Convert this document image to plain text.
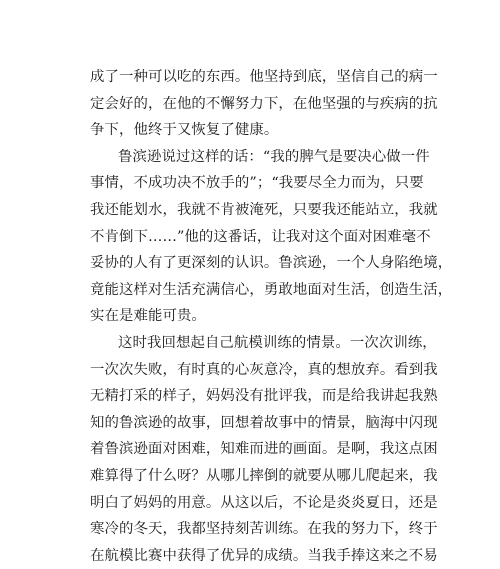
成了一种可以吃的东西。他坚持到底，坚信自己的病一
定会好的，在他的不懈努力下，在他坚强的与疾病的抗
争下，他终于又恢复了健康。
鲁滨逊说过这样的话：“我的脾气是要决心做一件
事情，不成功决不放手的”；“我要尽全力而为，只要
我还能划水，我就不肯被淹死，只要我还能站立，我就
不肯倒下……”他的这番话，让我对这个面对困难毫不
妥协的人有了更深刻的认识。鲁滨逊，一个人身陷绝境，
竟能这样对生活充满信心，勇敢地面对生活，创造生活，
实在是难能可贵。
这时我回想起自己航模训练的情景。一次次训练，
一次次失败，有时真的心灰意冷，真的想放弃。看到我
无精打采的样子，妈妈没有批评我，而是给我讲起我熟
知的鲁滨逊的故事，回想着故事中的情景，脑海中闪现
着鲁滨逊面对困难，知难而进的画面。是啊，我这点困
难算得了什么呀？从哪儿摔倒的就要从哪儿爬起来，我
明白了妈妈的用意。从这以后，不论是炎炎夏日，还是
寒冷的冬天，我都坚持刻苦训练。在我的努力下，终于
在航模比赛中获得了优异的成绩。当我手捧这来之不易
